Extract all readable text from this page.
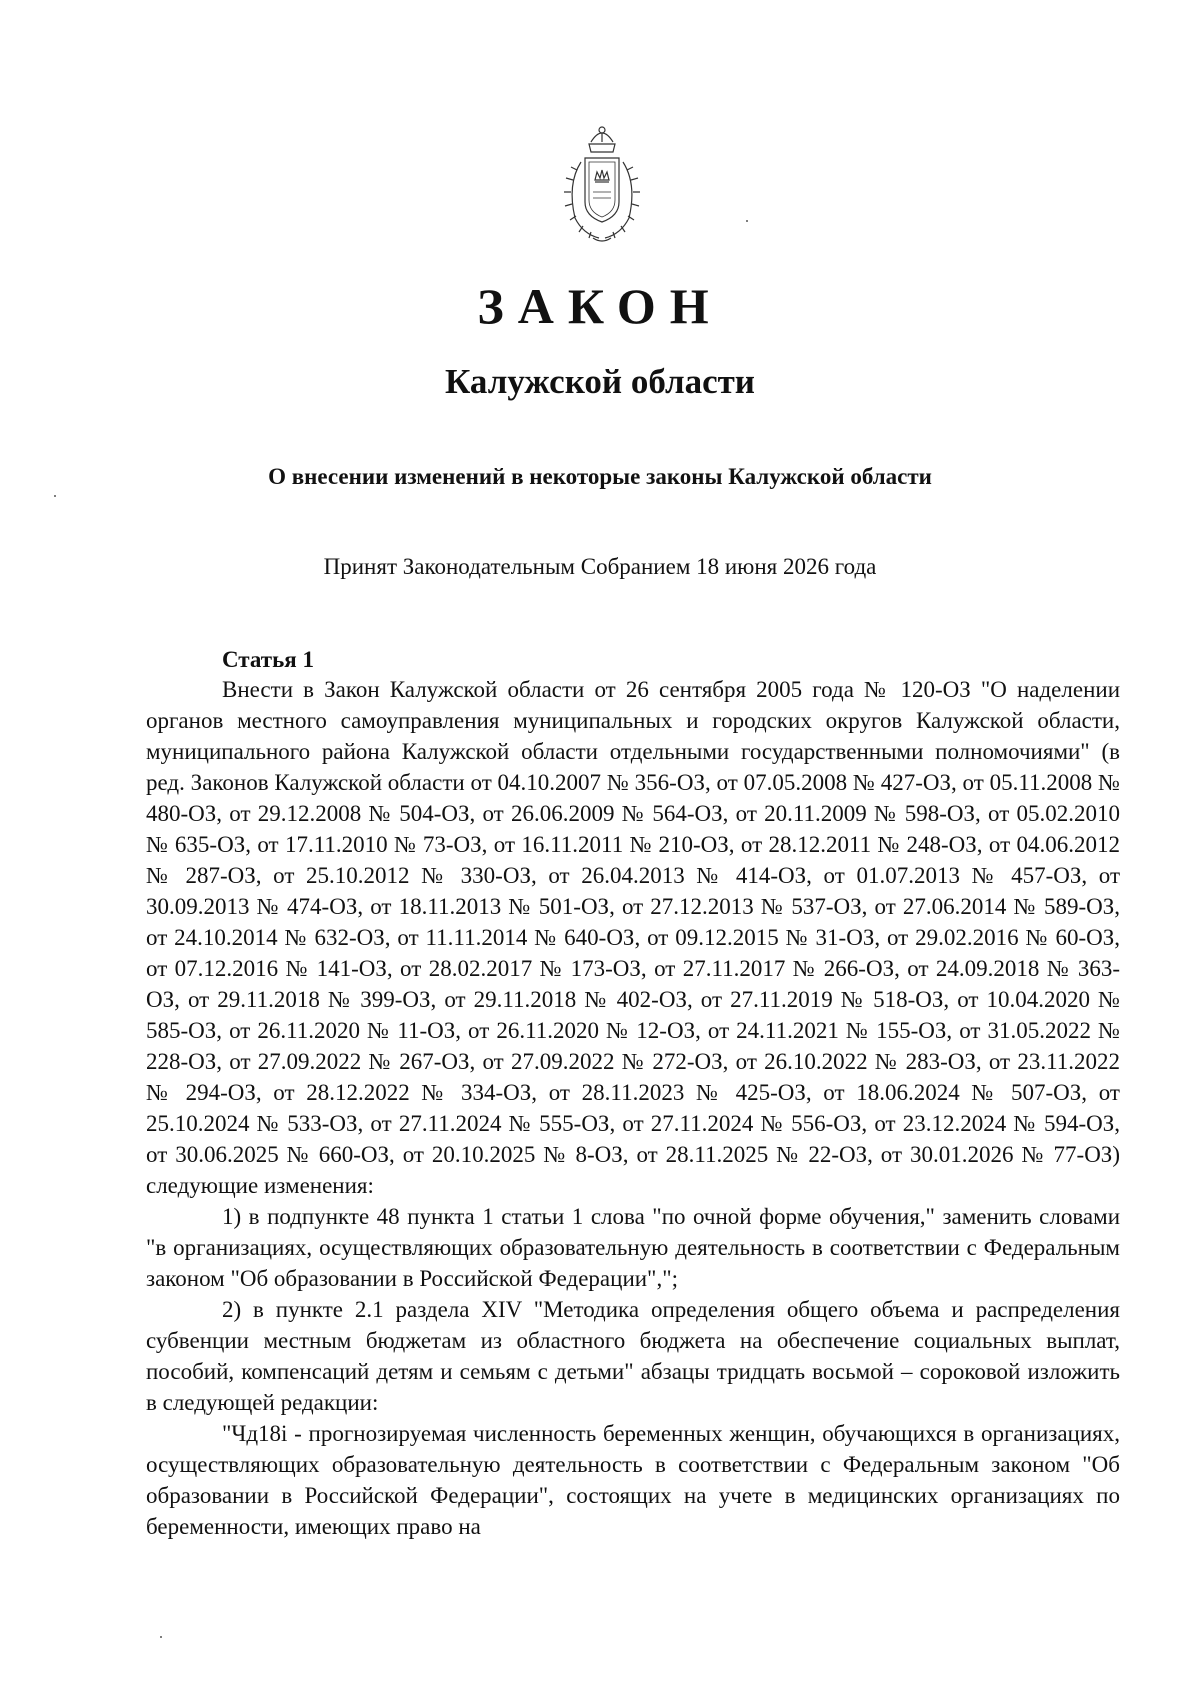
ЗАКОН
Калужской области
О внесении изменений в некоторые законы Калужской области

Принят Законодательным Собранием 18 июня 2026 года

Статья 1

Внести в Закон Калужской области от 26 сентября 2005 года № 120-ОЗ "О наделении органов местного самоуправления муниципальных и городских округов Калужской области, муниципального района Калужской области отдельными государственными полномочиями" (в ред. Законов Калужской области от 04.10.2007 № 356-ОЗ, от 07.05.2008 № 427-ОЗ, от 05.11.2008 № 480-ОЗ, от 29.12.2008 № 504-ОЗ, от 26.06.2009 № 564-ОЗ, от 20.11.2009 № 598-ОЗ, от 05.02.2010 № 635-ОЗ, от 17.11.2010 № 73-ОЗ, от 16.11.2011 № 210-ОЗ, от 28.12.2011 № 248-ОЗ, от 04.06.2012 № 287-ОЗ, от 25.10.2012 № 330-ОЗ, от 26.04.2013 № 414-ОЗ, от 01.07.2013 № 457-ОЗ, от 30.09.2013 № 474-ОЗ, от 18.11.2013 № 501-ОЗ, от 27.12.2013 № 537-ОЗ, от 27.06.2014 № 589-ОЗ, от 24.10.2014 № 632-ОЗ, от 11.11.2014 № 640-ОЗ, от 09.12.2015 № 31-ОЗ, от 29.02.2016 № 60-ОЗ, от 07.12.2016 № 141-ОЗ, от 28.02.2017 № 173-ОЗ, от 27.11.2017 № 266-ОЗ, от 24.09.2018 № 363-ОЗ, от 29.11.2018 № 399-ОЗ, от 29.11.2018 № 402-ОЗ, от 27.11.2019 № 518-ОЗ, от 10.04.2020 № 585-ОЗ, от 26.11.2020 № 11-ОЗ, от 26.11.2020 № 12-ОЗ, от 24.11.2021 № 155-ОЗ, от 31.05.2022 № 228-ОЗ, от 27.09.2022 № 267-ОЗ, от 27.09.2022 № 272-ОЗ, от 26.10.2022 № 283-ОЗ, от 23.11.2022 № 294-ОЗ, от 28.12.2022 № 334-ОЗ, от 28.11.2023 № 425-ОЗ, от 18.06.2024 № 507-ОЗ, от 25.10.2024 № 533-ОЗ, от 27.11.2024 № 555-ОЗ, от 27.11.2024 № 556-ОЗ, от 23.12.2024 № 594-ОЗ, от 30.06.2025 № 660-ОЗ, от 20.10.2025 № 8-ОЗ, от 28.11.2025 № 22-ОЗ, от 30.01.2026 № 77-ОЗ) следующие изменения:

1) в подпункте 48 пункта 1 статьи 1 слова "по очной форме обучения," заменить словами "в организациях, осуществляющих образовательную деятельность в соответствии с Федеральным законом "Об образовании в Российской Федерации",";

2) в пункте 2.1 раздела XIV "Методика определения общего объема и распределения субвенции местным бюджетам из областного бюджета на обеспечение социальных выплат, пособий, компенсаций детям и семьям с детьми" абзацы тридцать восьмой – сороковой изложить в следующей редакции:

"Чд18i - прогнозируемая численность беременных женщин, обучающихся в организациях, осуществляющих образовательную деятельность в соответствии с Федеральным законом "Об образовании в Российской Федерации", состоящих на учете в медицинских организациях по беременности, имеющих право на
